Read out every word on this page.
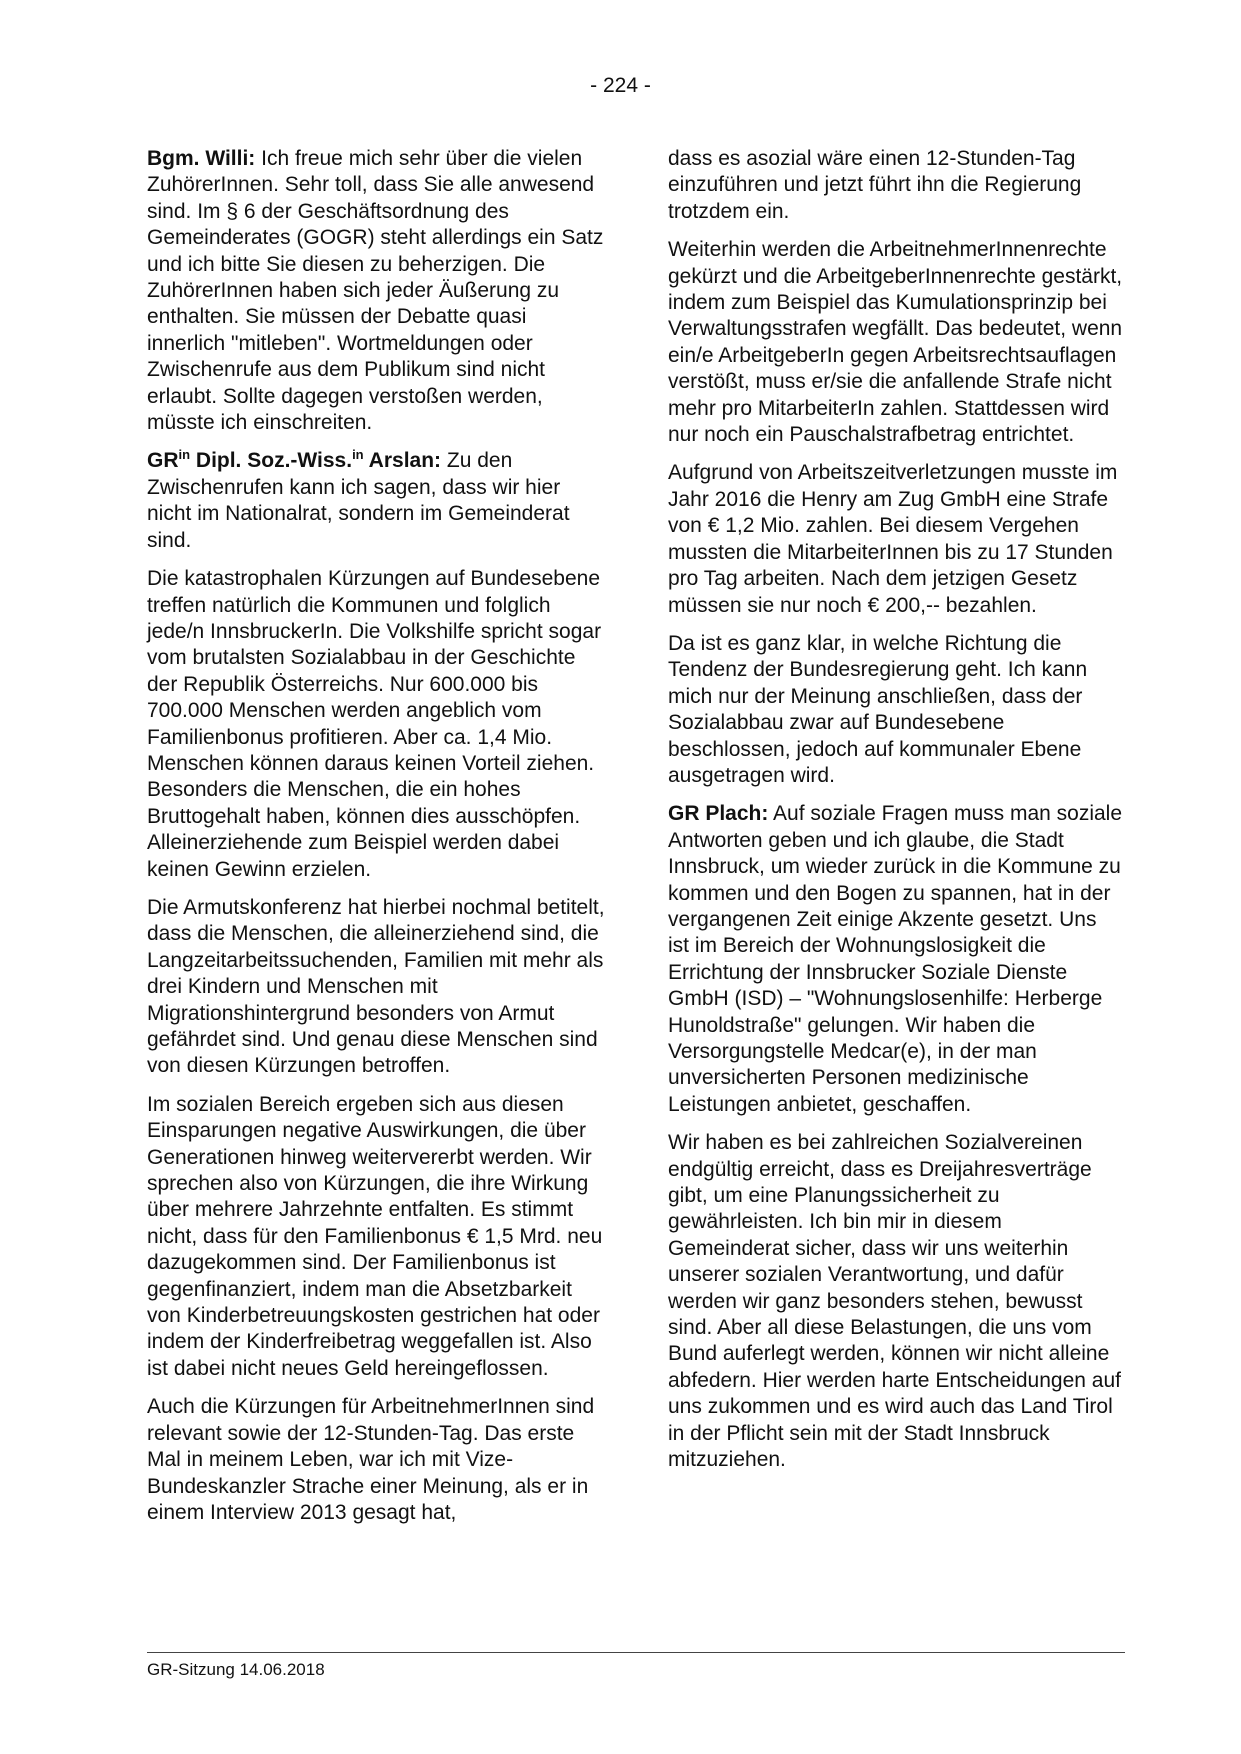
- 224 -

Bgm. Willi: Ich freue mich sehr über die vielen ZuhörerInnen. Sehr toll, dass Sie alle anwesend sind. Im § 6 der Geschäftsordnung des Gemeinderates (GOGR) steht allerdings ein Satz und ich bitte Sie diesen zu beherzigen. Die ZuhörerInnen haben sich jeder Äußerung zu enthalten. Sie müssen der Debatte quasi innerlich "mitleben". Wortmeldungen oder Zwischenrufe aus dem Publikum sind nicht erlaubt. Sollte dagegen verstoßen werden, müsste ich einschreiten.

$GR^{in}$ Dipl. Soz.-Wiss.$^{in}$ Arslan: Zu den Zwischenrufen kann ich sagen, dass wir hier nicht im Nationalrat, sondern im Gemeinderat sind.

Die katastrophalen Kürzungen auf Bundesebene treffen natürlich die Kommunen und folglich jede/n InnsbruckerIn. Die Volkshilfe spricht sogar vom brutalsten Sozialabbau in der Geschichte der Republik Österreichs. Nur 600.000 bis 700.000 Menschen werden angeblich vom Familienbonus profitieren. Aber ca. 1,4 Mio. Menschen können daraus keinen Vorteil ziehen. Besonders die Menschen, die ein hohes Bruttogehalt haben, können dies ausschöpfen. Alleinerziehende zum Beispiel werden dabei keinen Gewinn erzielen.

Die Armutskonferenz hat hierbei nochmal betitelt, dass die Menschen, die alleinerziehend sind, die Langzeitarbeitssuchenden, Familien mit mehr als drei Kindern und Menschen mit Migrationshintergrund besonders von Armut gefährdet sind. Und genau diese Menschen sind von diesen Kürzungen betroffen.

Im sozialen Bereich ergeben sich aus diesen Einsparungen negative Auswirkungen, die über Generationen hinweg weitervererbt werden. Wir sprechen also von Kürzungen, die ihre Wirkung über mehrere Jahrzehnte entfalten. Es stimmt nicht, dass für den Familienbonus € 1,5 Mrd. neu dazugekommen sind. Der Familienbonus ist gegenfinanziert, indem man die Absetzbarkeit von Kinderbetreuungskosten gestrichen hat oder indem der Kinderfreibetrag weggefallen ist. Also ist dabei nicht neues Geld hereingeflossen.

Auch die Kürzungen für ArbeitnehmerInnen sind relevant sowie der 12-Stunden-Tag. Das erste Mal in meinem Leben, war ich mit Vize-Bundeskanzler Strache einer Meinung, als er in einem Interview 2013 gesagt hat,

dass es asozial wäre einen 12-Stunden-Tag einzuführen und jetzt führt ihn die Regierung trotzdem ein.

Weiterhin werden die ArbeitnehmerInnenrechte gekürzt und die ArbeitgeberInnenrechte gestärkt, indem zum Beispiel das Kumulationsprinzip bei Verwaltungsstrafen wegfällt. Das bedeutet, wenn ein/e ArbeitgeberIn gegen Arbeitsrechtsauflagen verstößt, muss er/sie die anfallende Strafe nicht mehr pro MitarbeiterIn zahlen. Stattdessen wird nur noch ein Pauschalstrafbetrag entrichtet.

Aufgrund von Arbeitszeitverletzungen musste im Jahr 2016 die Henry am Zug GmbH eine Strafe von € 1,2 Mio. zahlen. Bei diesem Vergehen mussten die MitarbeiterInnen bis zu 17 Stunden pro Tag arbeiten. Nach dem jetzigen Gesetz müssen sie nur noch € 200,-- bezahlen.

Da ist es ganz klar, in welche Richtung die Tendenz der Bundesregierung geht. Ich kann mich nur der Meinung anschließen, dass der Sozialabbau zwar auf Bundesebene beschlossen, jedoch auf kommunaler Ebene ausgetragen wird.

GR Plach: Auf soziale Fragen muss man soziale Antworten geben und ich glaube, die Stadt Innsbruck, um wieder zurück in die Kommune zu kommen und den Bogen zu spannen, hat in der vergangenen Zeit einige Akzente gesetzt. Uns ist im Bereich der Wohnungslosigkeit die Errichtung der Innsbrucker Soziale Dienste GmbH (ISD) – "Wohnungslosenhilfe: Herberge Hunoldstraße" gelungen. Wir haben die Versorgungstelle Medcar(e), in der man unversicherten Personen medizinische Leistungen anbietet, geschaffen.

Wir haben es bei zahlreichen Sozialvereinen endgültig erreicht, dass es Dreijahresverträge gibt, um eine Planungssicherheit zu gewährleisten. Ich bin mir in diesem Gemeinderat sicher, dass wir uns weiterhin unserer sozialen Verantwortung, und dafür werden wir ganz besonders stehen, bewusst sind. Aber all diese Belastungen, die uns vom Bund auferlegt werden, können wir nicht alleine abfedern. Hier werden harte Entscheidungen auf uns zukommen und es wird auch das Land Tirol in der Pflicht sein mit der Stadt Innsbruck mitzuziehen.

GR-Sitzung 14.06.2018
